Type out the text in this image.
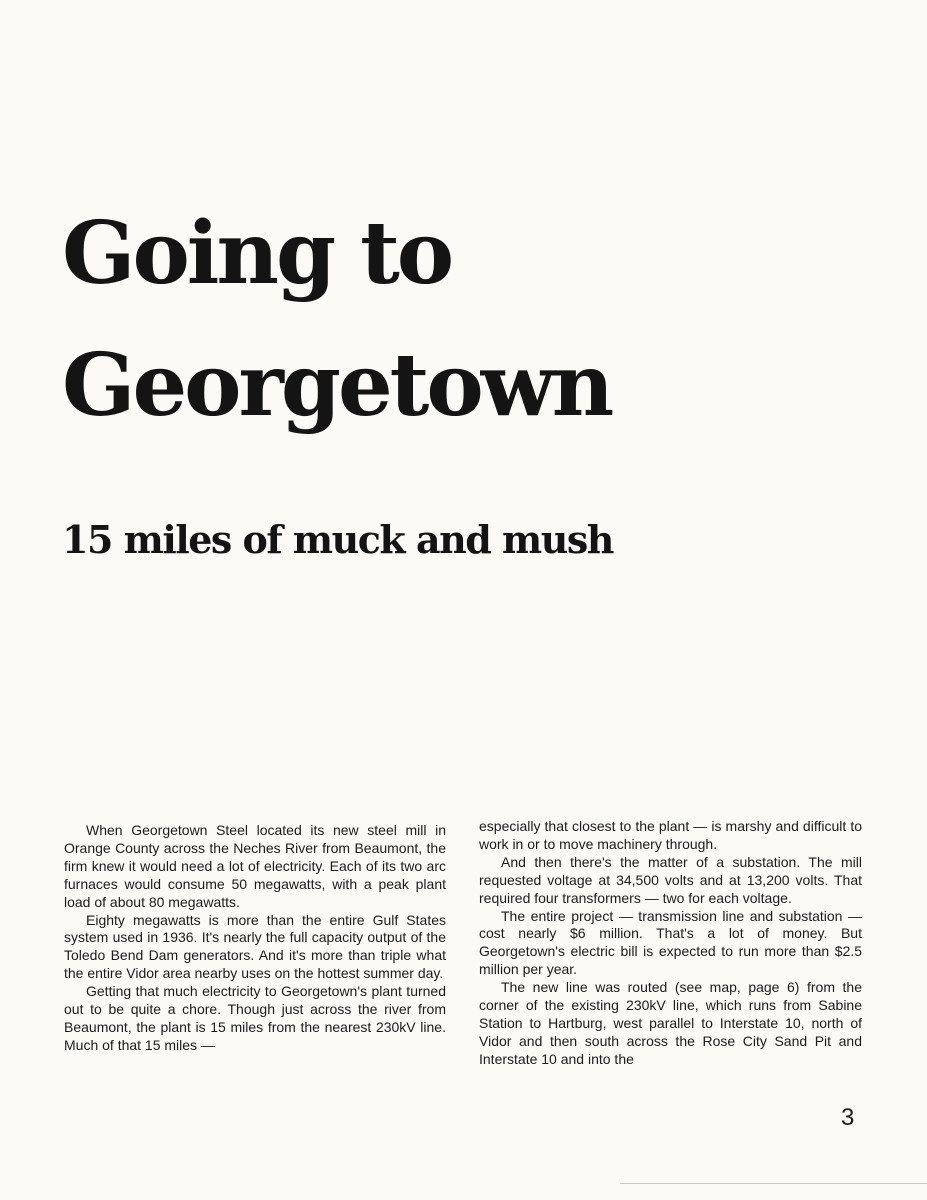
Going to
Georgetown
15 miles of muck and mush

When Georgetown Steel located its new steel mill in Orange County across the Neches River from Beaumont, the firm knew it would need a lot of electricity. Each of its two arc furnaces would consume 50 megawatts, with a peak plant load of about 80 megawatts.

Eighty megawatts is more than the entire Gulf States system used in 1936. It's nearly the full capacity output of the Toledo Bend Dam generators. And it's more than triple what the entire Vidor area nearby uses on the hottest summer day.

Getting that much electricity to Georgetown's plant turned out to be quite a chore. Though just across the river from Beaumont, the plant is 15 miles from the nearest 230kV line. Much of that 15 miles —

especially that closest to the plant — is marshy and difficult to work in or to move machinery through.

And then there's the matter of a substation. The mill requested voltage at 34,500 volts and at 13,200 volts. That required four transformers — two for each voltage.

The entire project — transmission line and substation — cost nearly $6 million. That's a lot of money. But Georgetown's electric bill is expected to run more than $2.5 million per year.

The new line was routed (see map, page 6) from the corner of the existing 230kV line, which runs from Sabine Station to Hartburg, west parallel to Interstate 10, north of Vidor and then south across the Rose City Sand Pit and Interstate 10 and into the

3
